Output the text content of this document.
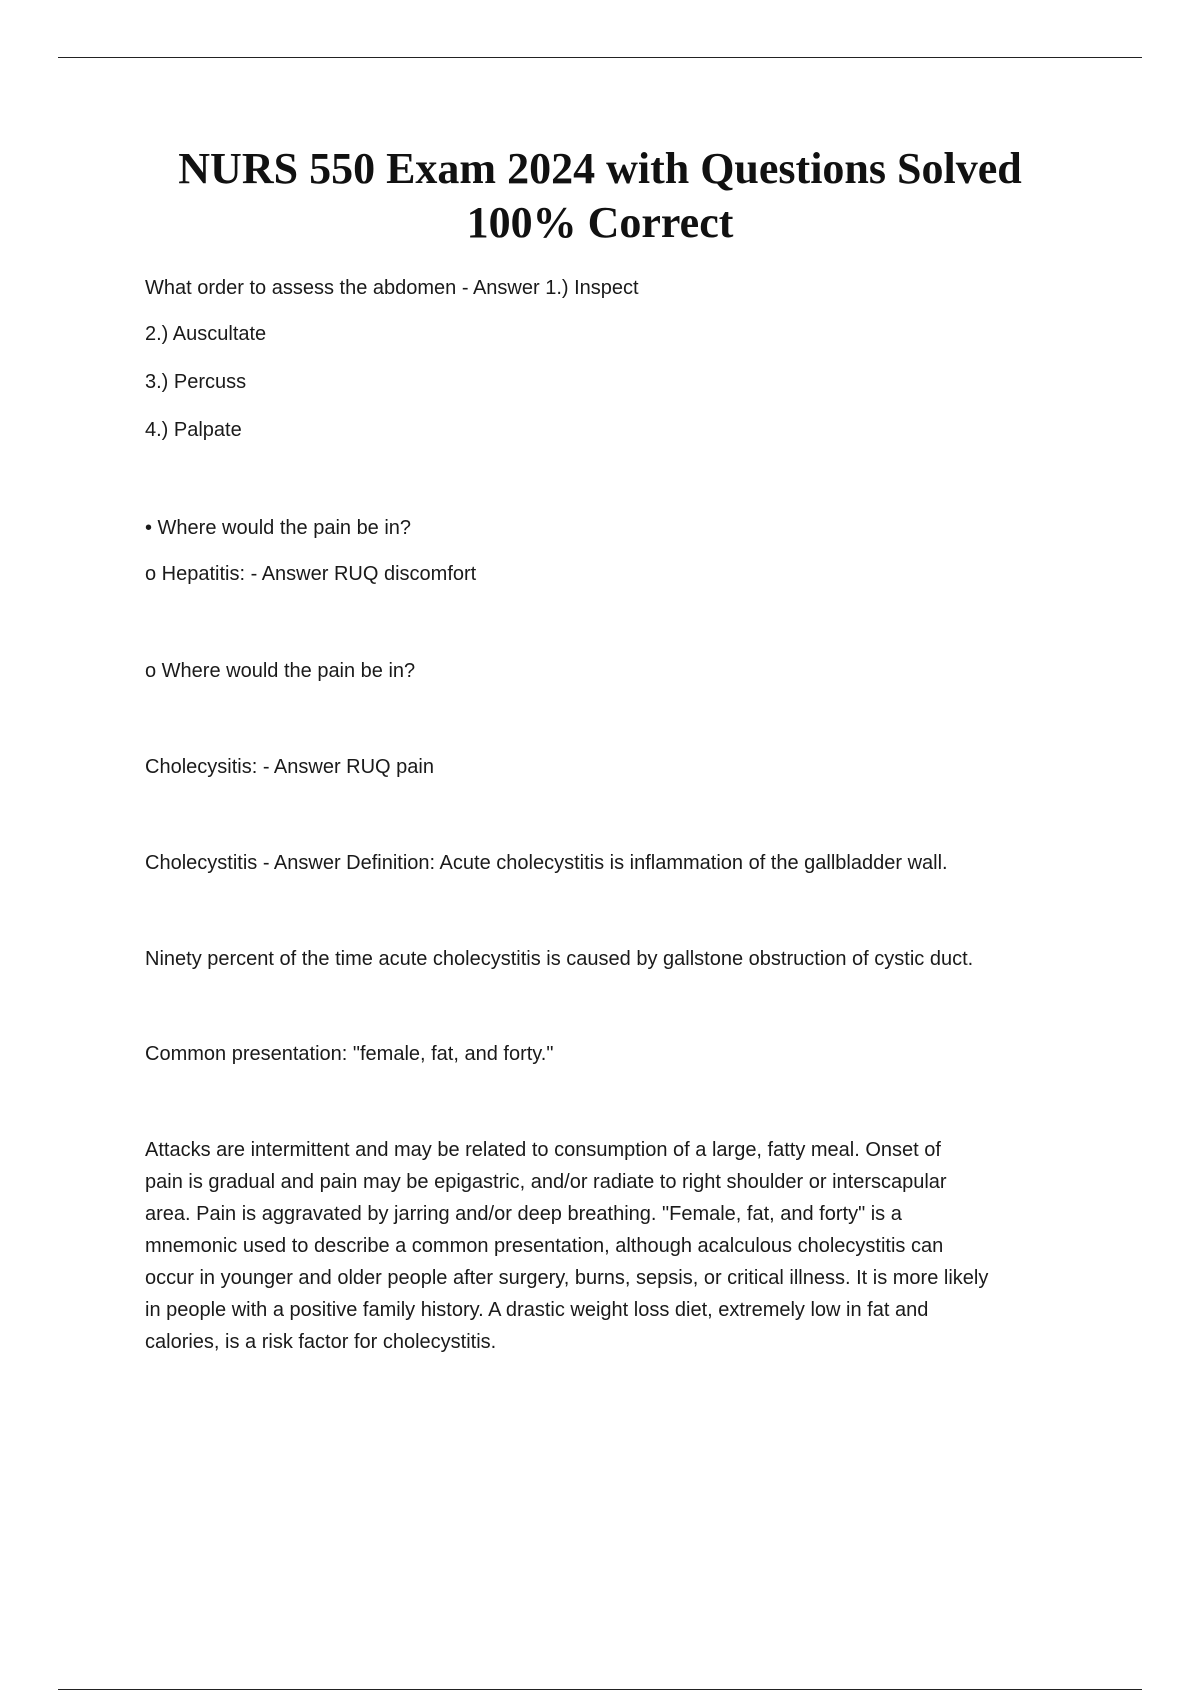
NURS 550 Exam 2024 with Questions Solved
100% Correct

What order to assess the abdomen - Answer 1.) Inspect

2.) Auscultate

3.) Percuss

4.) Palpate

• Where would the pain be in?

o Hepatitis: - Answer RUQ discomfort

o Where would the pain be in?

Cholecysitis: - Answer RUQ pain

Cholecystitis - Answer Definition: Acute cholecystitis is inflammation of the gallbladder wall.

Ninety percent of the time acute cholecystitis is caused by gallstone obstruction of cystic duct.

Common presentation: "female, fat, and forty."

Attacks are intermittent and may be related to consumption of a large, fatty meal. Onset of
pain is gradual and pain may be epigastric, and/or radiate to right shoulder or interscapular
area. Pain is aggravated by jarring and/or deep breathing. "Female, fat, and forty" is a
mnemonic used to describe a common presentation, although acalculous cholecystitis can
occur in younger and older people after surgery, burns, sepsis, or critical illness. It is more likely
in people with a positive family history. A drastic weight loss diet, extremely low in fat and
calories, is a risk factor for cholecystitis.
